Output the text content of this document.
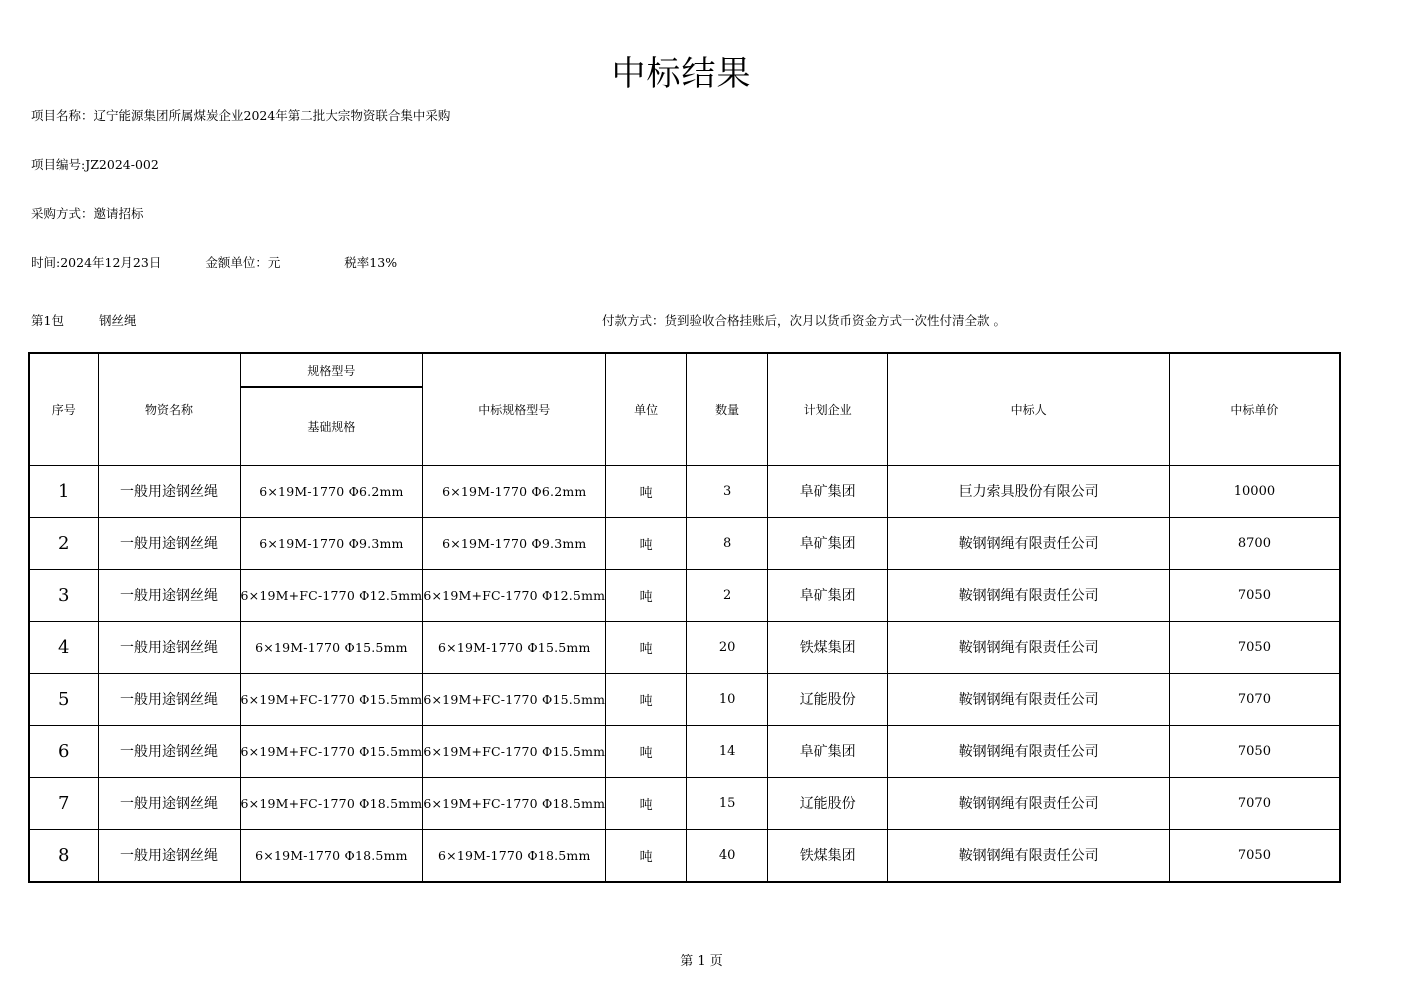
中标结果
项目名称：辽宁能源集团所属煤炭企业2024年第二批大宗物资联合集中采购
项目编号:JZ2024-002
采购方式：邀请招标
时间:2024年12月23日	金额单位：元	税率13%
第1包	钢丝绳	付款方式：货到验收合格挂账后，次月以货币资金方式一次性付清全款 。
序号	物资名称	规格型号	中标规格型号	单位	数量	计划企业	中标人	中标单价
		基础规格						
1	一般用途钢丝绳	6×19M-1770 Φ6.2mm	6×19M-1770 Φ6.2mm	吨	3	阜矿集团	巨力索具股份有限公司	10000
2	一般用途钢丝绳	6×19M-1770 Φ9.3mm	6×19M-1770 Φ9.3mm	吨	8	阜矿集团	鞍钢钢绳有限责任公司	8700
3	一般用途钢丝绳	6×19M+FC-1770 Φ12.5mm	6×19M+FC-1770 Φ12.5mm	吨	2	阜矿集团	鞍钢钢绳有限责任公司	7050
4	一般用途钢丝绳	6×19M-1770 Φ15.5mm	6×19M-1770 Φ15.5mm	吨	20	铁煤集团	鞍钢钢绳有限责任公司	7050
5	一般用途钢丝绳	6×19M+FC-1770 Φ15.5mm	6×19M+FC-1770 Φ15.5mm	吨	10	辽能股份	鞍钢钢绳有限责任公司	7070
6	一般用途钢丝绳	6×19M+FC-1770 Φ15.5mm	6×19M+FC-1770 Φ15.5mm	吨	14	阜矿集团	鞍钢钢绳有限责任公司	7050
7	一般用途钢丝绳	6×19M+FC-1770 Φ18.5mm	6×19M+FC-1770 Φ18.5mm	吨	15	辽能股份	鞍钢钢绳有限责任公司	7070
8	一般用途钢丝绳	6×19M-1770 Φ18.5mm	6×19M-1770 Φ18.5mm	吨	40	铁煤集团	鞍钢钢绳有限责任公司	7050
第 1 页
